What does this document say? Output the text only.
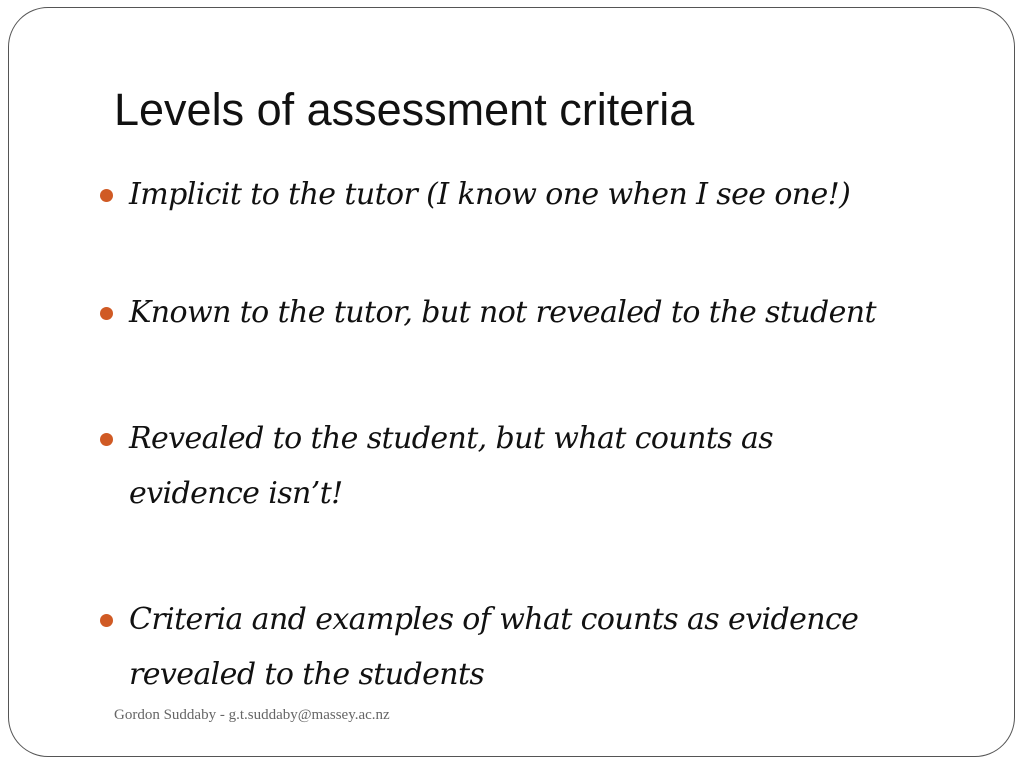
Levels of assessment criteria
Implicit to the tutor (I know one when I see one!)
Known to the tutor, but not revealed to the student
Revealed to the student, but what counts as evidence isn’t!
Criteria and examples of what counts as evidence revealed to the students
Gordon Suddaby - g.t.suddaby@massey.ac.nz
